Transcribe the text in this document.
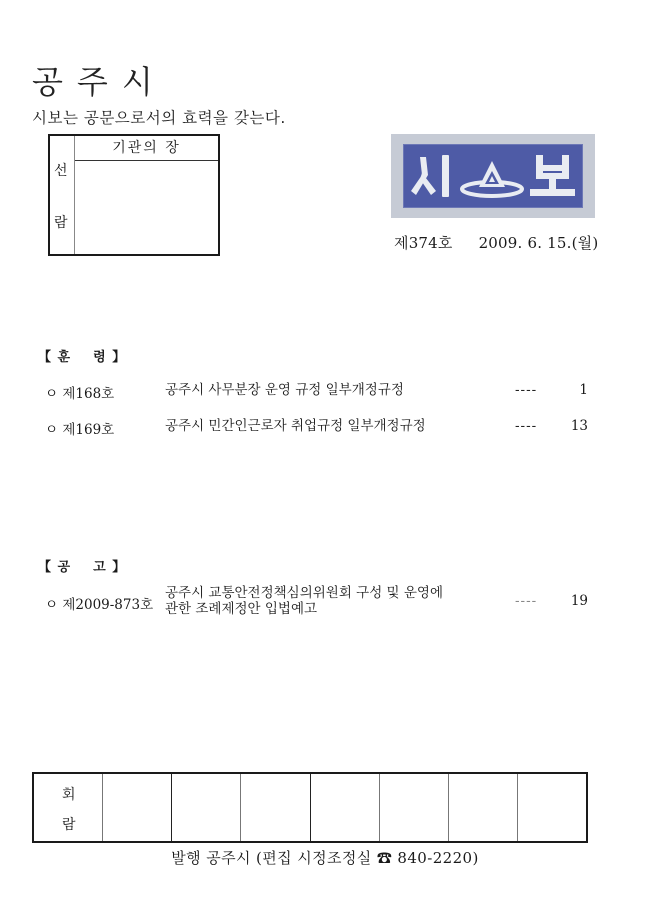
공주시
시보는 공문으로서의 효력을 갖는다.
선
람
기관의 장
제374호 2009. 6. 15.(월)
【 훈    령 】
ㅇ 제168호	공주시 사무분장 운영 규정 일부개정규정	----	1
ㅇ 제169호	공주시 민간인근로자 취업규정 일부개정규정	---- 13
【 공    고 】
ㅇ 제2009-873호
공주시 교통안전정책심의위원회 구성 및 운영에
관한 조례제정안 입법예고	---- 19
회
람
발행 공주시 (편집 시정조정실 ☎ 840-2220)
